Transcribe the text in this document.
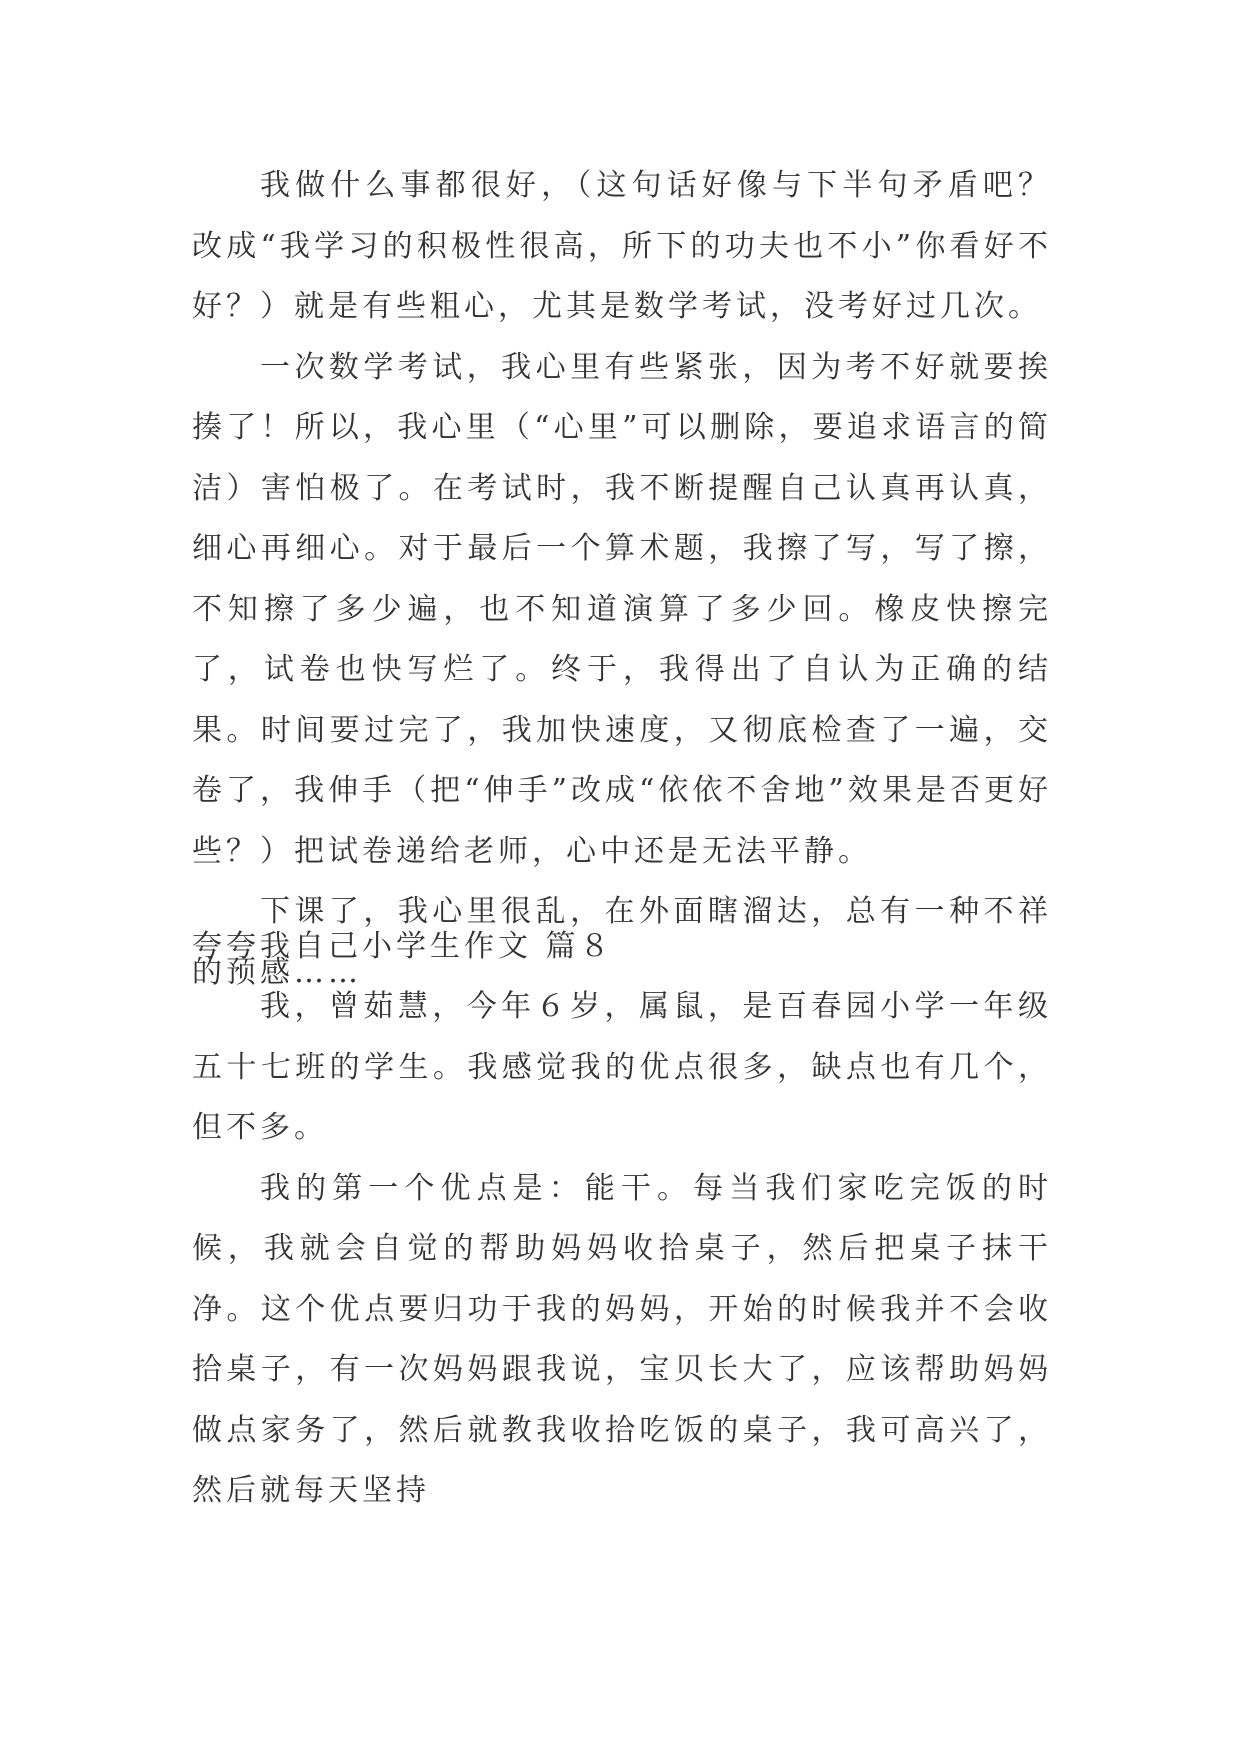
我做什么事都很好，（这句话好像与下半句矛盾吧？改成“我学习的积极性很高，所下的功夫也不小”你看好不好？）就是有些粗心，尤其是数学考试，没考好过几次。

一次数学考试，我心里有些紧张，因为考不好就要挨揍了！所以，我心里（“心里”可以删除，要追求语言的简洁）害怕极了。在考试时，我不断提醒自己认真再认真，细心再细心。对于最后一个算术题，我擦了写，写了擦，不知擦了多少遍，也不知道演算了多少回。橡皮快擦完了，试卷也快写烂了。终于，我得出了自认为正确的结果。时间要过完了，我加快速度，又彻底检查了一遍，交卷了，我伸手（把“伸手”改成“依依不舍地”效果是否更好些？）把试卷递给老师，心中还是无法平静。

下课了，我心里很乱，在外面瞎溜达，总有一种不祥的预感……

夸夸我自己小学生作文 篇８

我，曾茹慧，今年６岁，属鼠，是百春园小学一年级五十七班的学生。我感觉我的优点很多，缺点也有几个，但不多。

我的第一个优点是：能干。每当我们家吃完饭的时候，我就会自觉的帮助妈妈收拾桌子，然后把桌子抹干净。这个优点要归功于我的妈妈，开始的时候我并不会收拾桌子，有一次妈妈跟我说，宝贝长大了，应该帮助妈妈做点家务了，然后就教我收拾吃饭的桌子，我可高兴了，然后就每天坚持
